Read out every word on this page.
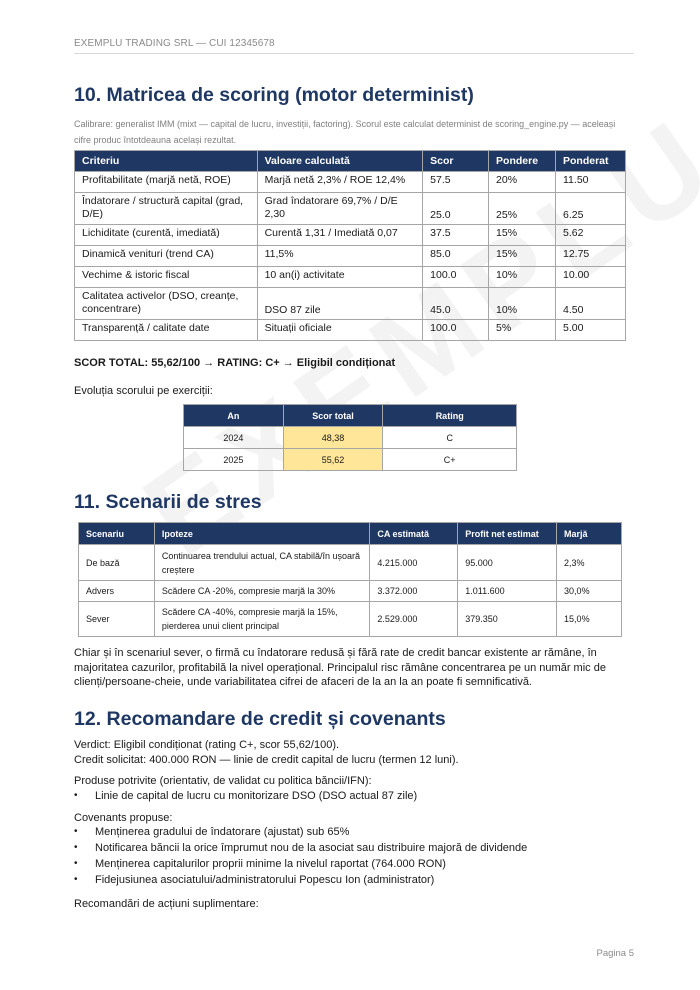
EXEMPLU TRADING SRL — CUI 12345678
10. Matricea de scoring (motor determinist)
Calibrare: generalist IMM (mixt — capital de lucru, investiții, factoring). Scorul este calculat determinist de scoring_engine.py — aceleași cifre produc întotdeauna același rezultat.
Criteriu	Valoare calculată	Scor	Pondere	Ponderat
Profitabilitate (marjă netă, ROE)	Marjă netă 2,3% / ROE 12,4%	57.5	20%	11.50
Îndatorare / structură capital (grad, D/E)	Grad îndatorare 69,7% / D/E 2,30	25.0	25%	6.25
Lichiditate (curentă, imediată)	Curentă 1,31 / Imediată 0,07	37.5	15%	5.62
Dinamică venituri (trend CA)	11,5%	85.0	15%	12.75
Vechime & istoric fiscal	10 an(i) activitate	100.0	10%	10.00
Calitatea activelor (DSO, creanțe, concentrare)	DSO 87 zile	45.0	10%	4.50
Transparență / calitate date	Situații oficiale	100.0	5%	5.00
SCOR TOTAL: 55,62/100 → RATING: C+ → Eligibil condiționat
Evoluția scorului pe exerciții:
An	Scor total	Rating
2024	48,38	C
2025	55,62	C+
11. Scenarii de stres
Scenariu	Ipoteze	CA estimată	Profit net estimat	Marjă
De bază	Continuarea trendului actual, CA stabilă/în ușoară creștere	4.215.000	95.000	2,3%
Advers	Scădere CA -20%, compresie marjă la 30%	3.372.000	1.011.600	30,0%
Sever	Scădere CA -40%, compresie marjă la 15%, pierderea unui client principal	2.529.000	379.350	15,0%
Chiar și în scenariul sever, o firmă cu îndatorare redusă și fără rate de credit bancar existente ar rămâne, în majoritatea cazurilor, profitabilă la nivel operațional. Principalul risc rămâne concentrarea pe un număr mic de clienți/persoane-cheie, unde variabilitatea cifrei de afaceri de la an la an poate fi semnificativă.
12. Recomandare de credit și covenants
Verdict: Eligibil condiționat (rating C+, scor 55,62/100).
Credit solicitat: 400.000 RON — linie de credit capital de lucru (termen 12 luni).
Produse potrivite (orientativ, de validat cu politica băncii/IFN):
• Linie de capital de lucru cu monitorizare DSO (DSO actual 87 zile)
Covenants propuse:
• Menținerea gradului de îndatorare (ajustat) sub 65%
• Notificarea băncii la orice împrumut nou de la asociat sau distribuire majoră de dividende
• Menținerea capitalurilor proprii minime la nivelul raportat (764.000 RON)
• Fidejusiunea asociatului/administratorului Popescu Ion (administrator)
Recomandări de acțiuni suplimentare:
Pagina 5
